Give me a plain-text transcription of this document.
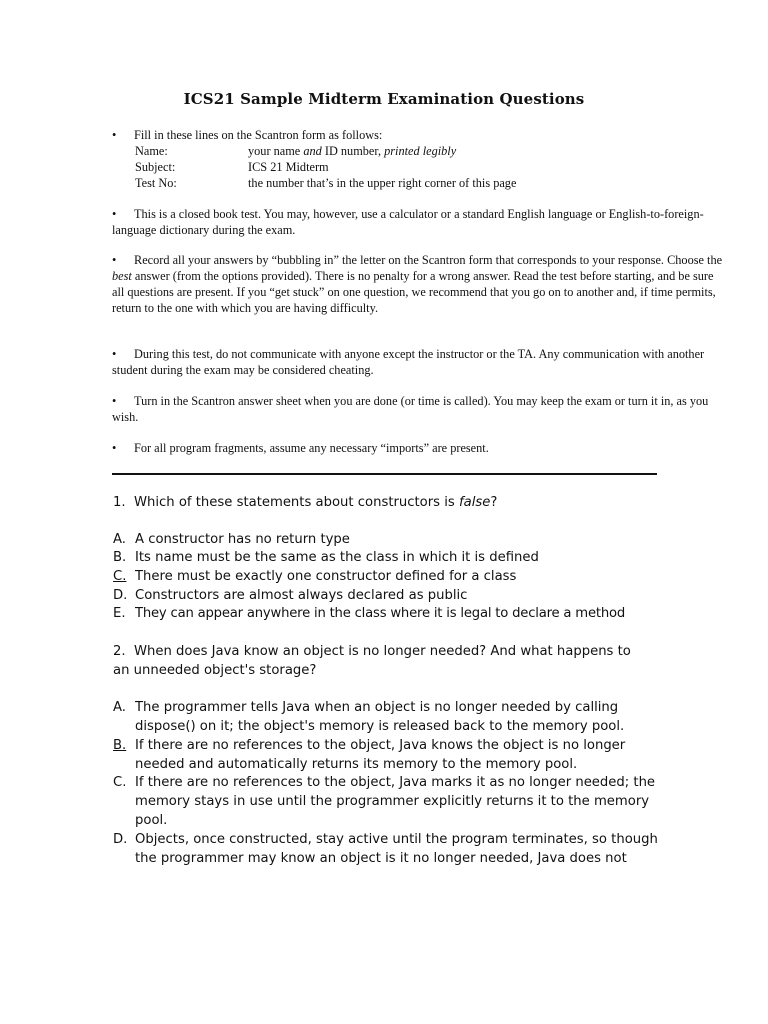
ICS21 Sample Midterm Examination Questions
• Fill in these lines on the Scantron form as follows:
Name:	your name and ID number, printed legibly
Subject:	ICS 21 Midterm
Test No:	the number that’s in the upper right corner of this page
• This is a closed book test. You may, however, use a calculator or a standard English language or English-to-foreign-language dictionary during the exam.
• Record all your answers by “bubbling in” the letter on the Scantron form that corresponds to your response. Choose the best answer (from the options provided). There is no penalty for a wrong answer. Read the test before starting, and be sure all questions are present. If you “get stuck” on one question, we recommend that you go on to another and, if time permits, return to the one with which you are having difficulty.
• During this test, do not communicate with anyone except the instructor or the TA. Any communication with another student during the exam may be considered cheating.
• Turn in the Scantron answer sheet when you are done (or time is called). You may keep the exam or turn it in, as you wish.
• For all program fragments, assume any necessary “imports” are present.
1. Which of these statements about constructors is false?
A. A constructor has no return type
B. Its name must be the same as the class in which it is defined
C. There must be exactly one constructor defined for a class
D. Constructors are almost always declared as public
E. They can appear anywhere in the class where it is legal to declare a method
2. When does Java know an object is no longer needed? And what happens to
an unneeded object's storage?
A. The programmer tells Java when an object is no longer needed by calling
dispose() on it; the object's memory is released back to the memory pool.
B. If there are no references to the object, Java knows the object is no longer
needed and automatically returns its memory to the memory pool.
C. If there are no references to the object, Java marks it as no longer needed; the
memory stays in use until the programmer explicitly returns it to the memory
pool.
D. Objects, once constructed, stay active until the program terminates, so though
the programmer may know an object is it no longer needed, Java does not
